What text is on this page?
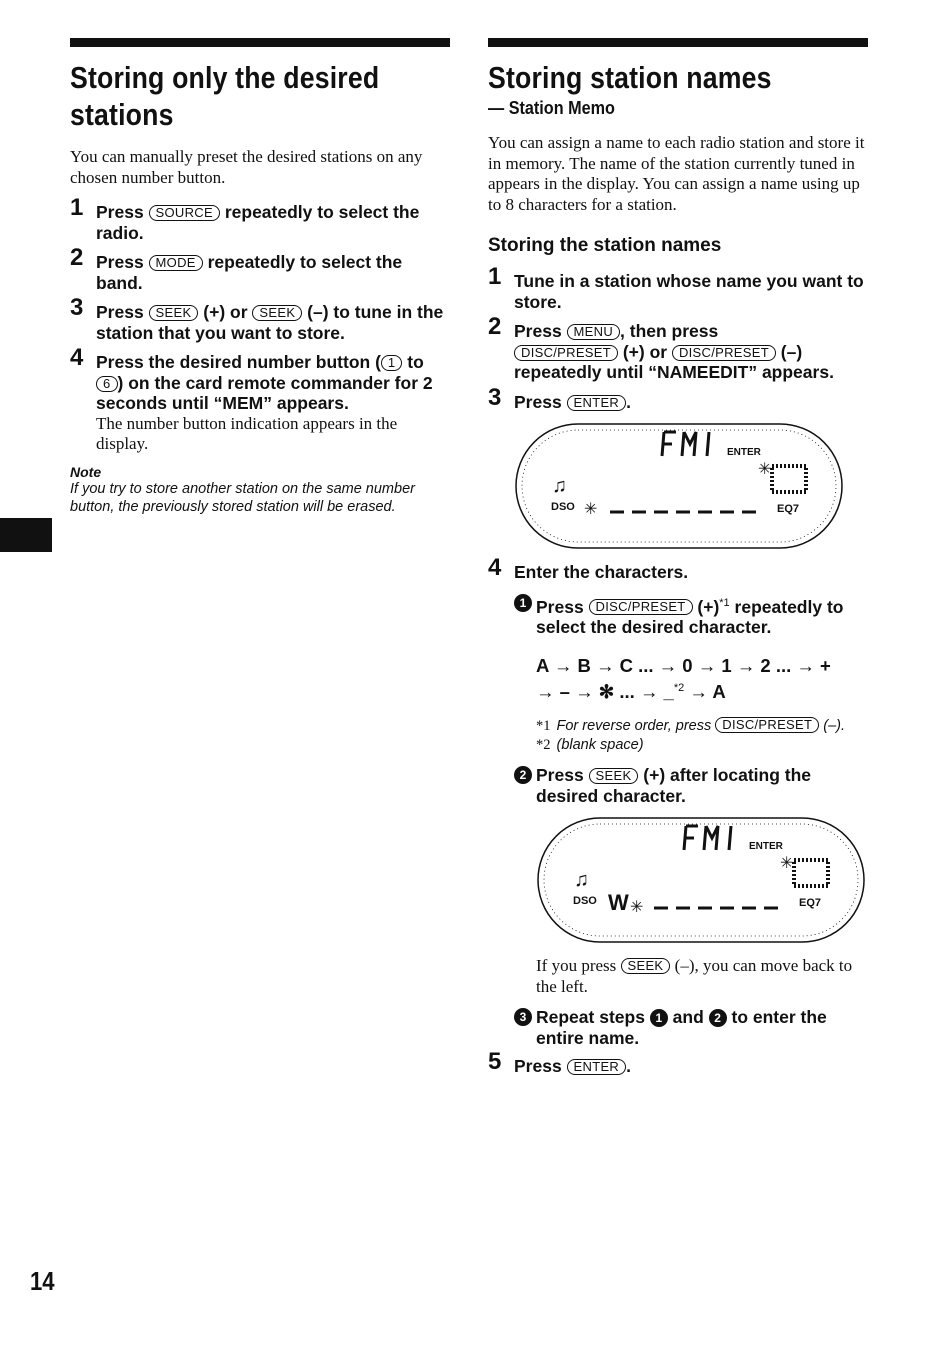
Storing only the desired stations
You can manually preset the desired stations on any chosen number button.
1 Press SOURCE repeatedly to select the radio.
2 Press MODE repeatedly to select the band.
3 Press SEEK (+) or SEEK (–) to tune in the station that you want to store.
4 Press the desired number button ( 1 to 6 ) on the card remote commander for 2 seconds until “MEM” appears.
The number button indication appears in the display.
Note
If you try to store another station on the same number button, the previously stored station will be erased.
Storing station names
— Station Memo
You can assign a name to each radio station and store it in memory. The name of the station currently tuned in appears in the display. You can assign a name using up to 8 characters for a station.
Storing the station names
1 Tune in a station whose name you want to store.
2 Press MENU , then press
DISC/PRESET (+) or DISC/PRESET (–) repeatedly until “NAMEEDIT” appears.
3 Press ENTER .
FM1	ENTER
✳
♫
DSO	EQ7
✳
4 Enter the characters.
1 Press DISC/PRESET $(+)^{*1}$ repeatedly to select the desired character.
A → B → C ... → 0 → 1 → 2 ... → +
→ – → ✻ ... → _$^{*2}$ → A
*1 For reverse order, press DISC/PRESET (–).
*2 (blank space)
2 Press SEEK (+) after locating the desired character.
ENTER
✳
♫
DSO	EQ7
W ✳
If you press SEEK (–), you can move back to the left.
3 Repeat steps 1 and 2 to enter the entire name.
5 Press ENTER .
14
